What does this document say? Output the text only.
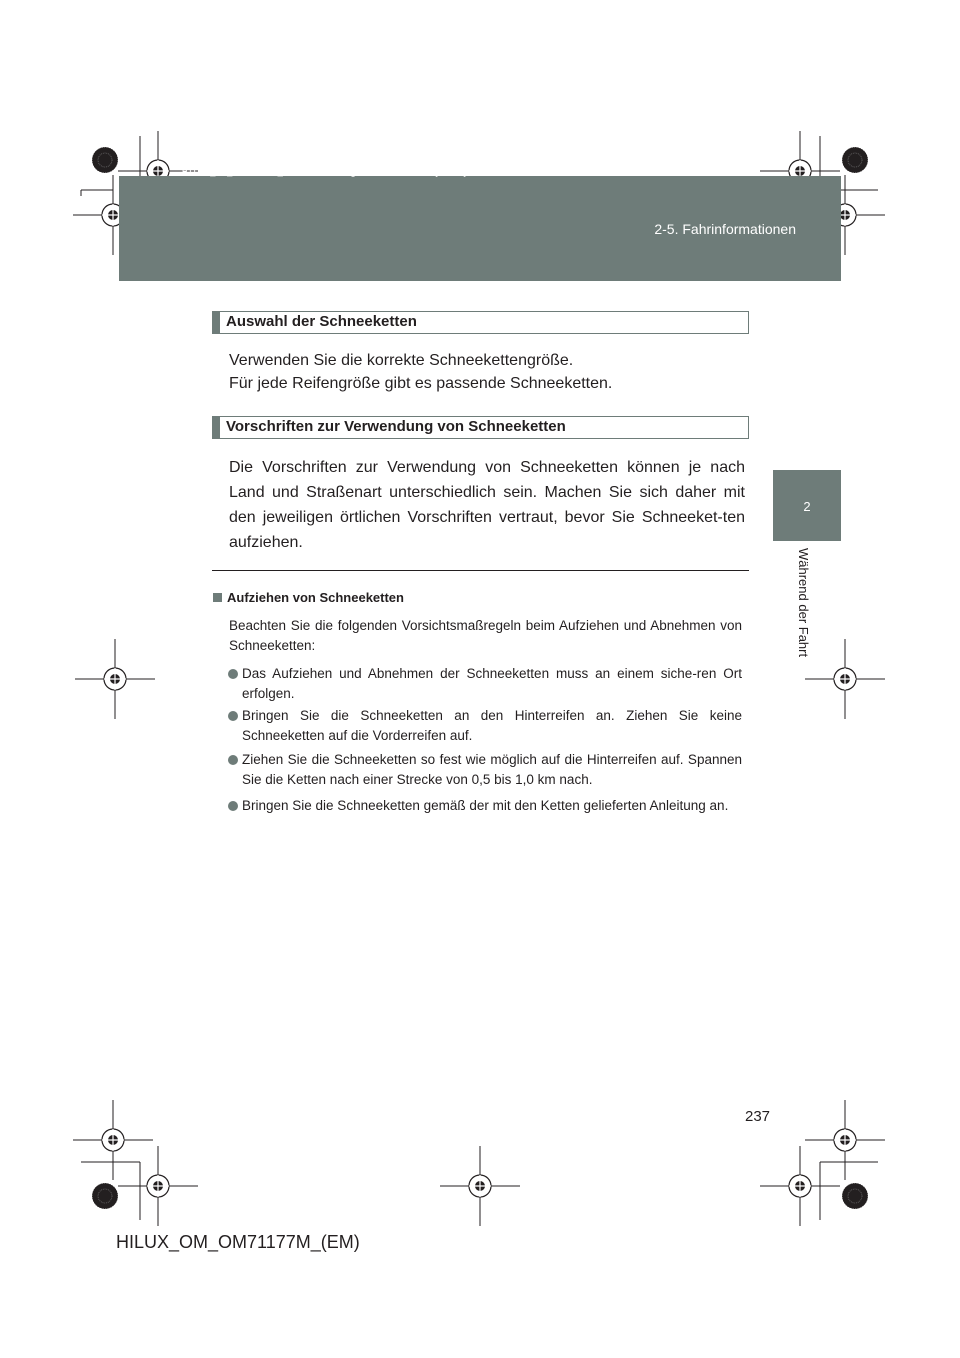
HILUX_OM_OM71177M_(EM).book Page 237 Wednesday, May 16, 2012 1:28 PM
2-5. Fahrinformationen
2
Während der Fahrt
Auswahl der Schneeketten
Verwenden Sie die korrekte Schneekettengröße.
Für jede Reifengröße gibt es passende Schneeketten.
Vorschriften zur Verwendung von Schneeketten
Die Vorschriften zur Verwendung von Schneeketten können je nach Land und Straßenart unterschiedlich sein. Machen Sie sich daher mit den jeweiligen örtlichen Vorschriften vertraut, bevor Sie Schneeket-ten aufziehen.
Aufziehen von Schneeketten
Beachten Sie die folgenden Vorsichtsmaßregeln beim Aufziehen und Abnehmen von Schneeketten:
Das Aufziehen und Abnehmen der Schneeketten muss an einem siche-ren Ort erfolgen.
Bringen Sie die Schneeketten an den Hinterreifen an. Ziehen Sie keine Schneeketten auf die Vorderreifen auf.
Ziehen Sie die Schneeketten so fest wie möglich auf die Hinterreifen auf. Spannen Sie die Ketten nach einer Strecke von 0,5 bis 1,0 km nach.
Bringen Sie die Schneeketten gemäß der mit den Ketten gelieferten Anleitung an.
237
HILUX_OM_OM71177M_(EM)
